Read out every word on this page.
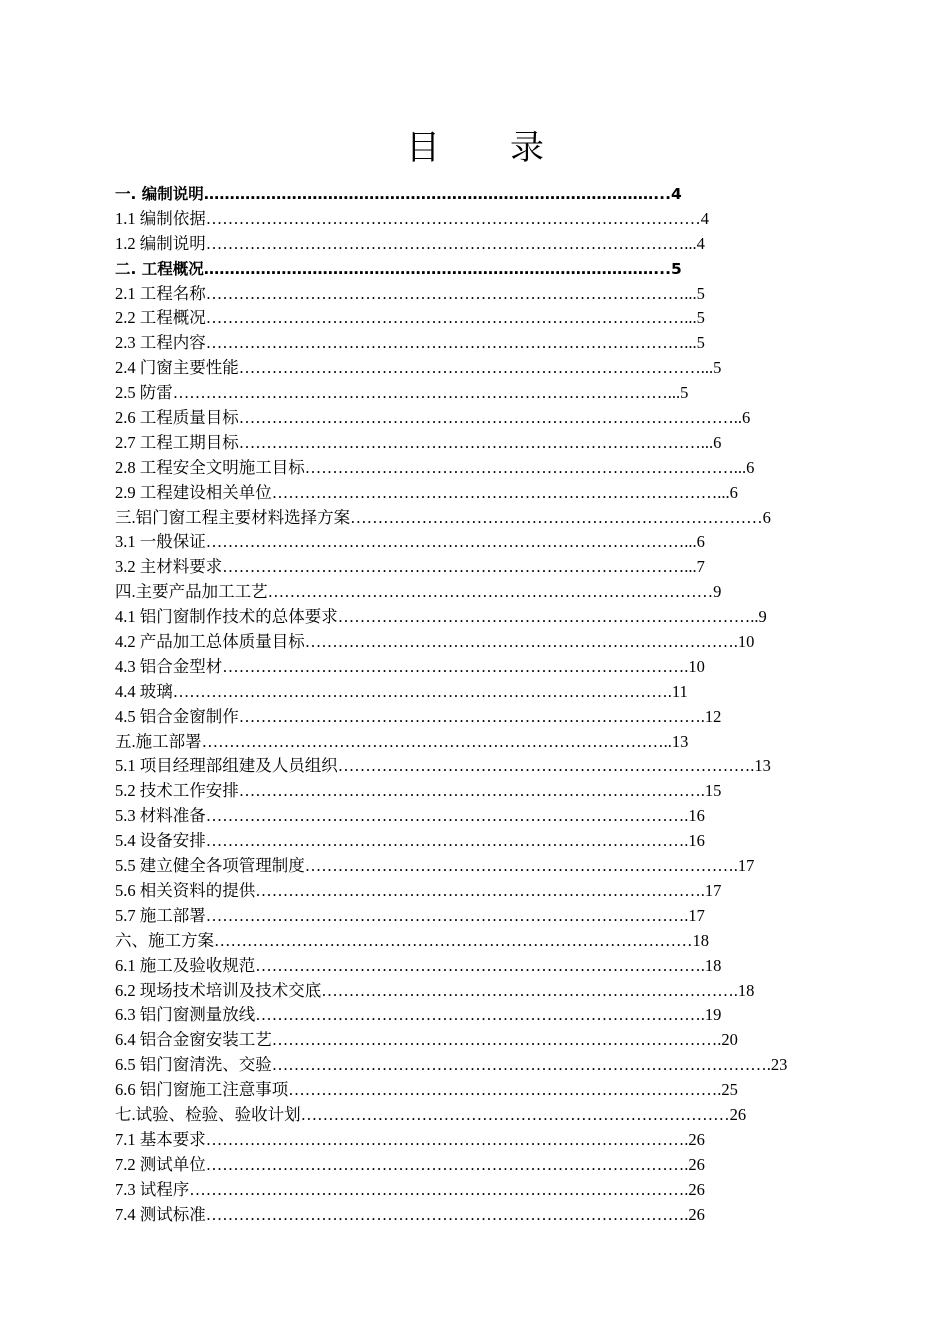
目 录
一. 编制说明……………………………………………………………………………...4
1.1 编制依据………………………………………………………………………………4
1.2 编制说明……………………………………………………………………………...4
二. 工程概况……………………………………………………………………………...5
2.1 工程名称……………………………………………………………………………...5
2.2 工程概况……………………………………………………………………………...5
2.3 工程内容……………………………………………………………………………...5
2.4 门窗主要性能…………………………………………………………………………...5
2.5 防雷………………………………………………………………………………...5
2.6 工程质量目标………………………………………………………………………………..6
2.7 工程工期目标…………………………………………………………………………...6
2.8 工程安全文明施工目标……………………………………………………………………...6
2.9 工程建设相关单位………………………………………………………………………...6
三.铝门窗工程主要材料选择方案…………………………………………………………………6
3.1 一般保证……………………………………………………………………………...6
3.2 主材料要求…………………………………………………………………………...7
四.主要产品加工工艺………………………………………………………………………9
4.1 铝门窗制作技术的总体要求…………………………………………………………………..9
4.2 产品加工总体质量目标…………………………………………………………………….10
4.3 铝合金型材………………………………………………………………………….10
4.4 玻璃……………………………………………………………………………….11
4.5 铝合金窗制作………………………………………………………………………….12
五.施工部署…………………………………………………………………………..13
5.1 项目经理部组建及人员组织………………………………………………………………….13
5.2 技术工作安排………………………………………………………………………….15
5.3 材料准备…………………………………………………………………………….16
5.4 设备安排…………………………………………………………………………….16
5.5 建立健全各项管理制度…………………………………………………………………….17
5.6 相关资料的提供……………………………………………………………………….17
5.7 施工部署…………………………………………………………………………….17
六、施工方案……………………………………………………………………………18
6.1 施工及验收规范……………………………………………………………………….18
6.2 现场技术培训及技术交底………………………………………………………………….18
6.3 铝门窗测量放线……………………………………………………………………….19
6.4 铝合金窗安装工艺……………………………………………………………………….20
6.5 铝门窗清洗、交验……………………………………………………………………………….23
6.6 铝门窗施工注意事项…………………………………………………………………….25
七.试验、检验、验收计划……………………………………………………………………26
7.1 基本要求…………………………………………………………………………….26
7.2 测试单位…………………………………………………………………………….26
7.3 试程序……………………………………………………………………………….26
7.4 测试标准…………………………………………………………………………….26
